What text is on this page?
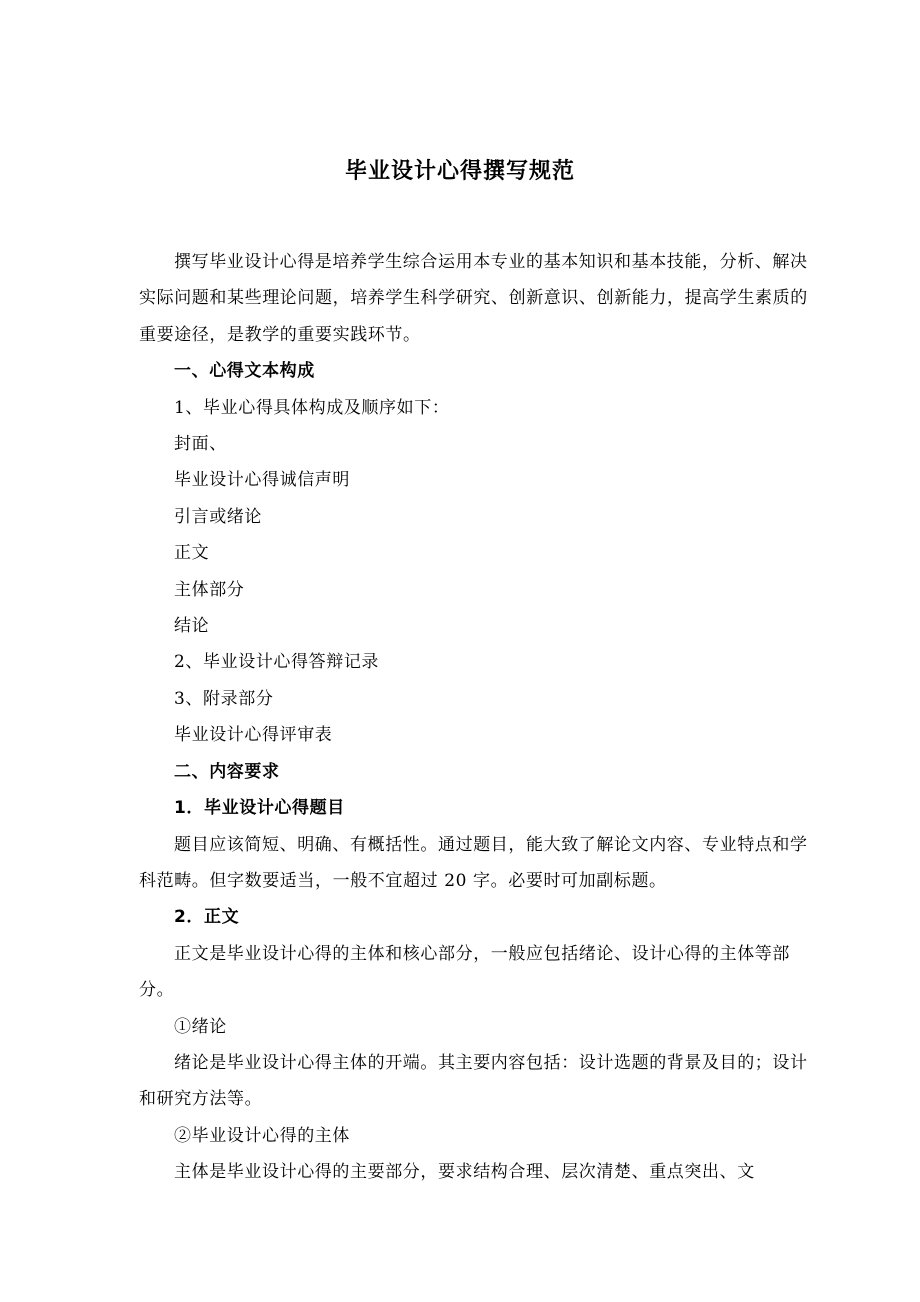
毕业设计心得撰写规范

撰写毕业设计心得是培养学生综合运用本专业的基本知识和基本技能，分析、解决实际问题和某些理论问题，培养学生科学研究、创新意识、创新能力，提高学生素质的重要途径，是教学的重要实践环节。

一、心得文本构成

1、毕业心得具体构成及顺序如下：

封面、

毕业设计心得诚信声明

引言或绪论

正文

主体部分

结论

2、毕业设计心得答辩记录

3、附录部分

毕业设计心得评审表

二、内容要求

1．毕业设计心得题目

题目应该简短、明确、有概括性。通过题目，能大致了解论文内容、专业特点和学科范畴。但字数要适当，一般不宜超过 20 字。必要时可加副标题。

2．正文

正文是毕业设计心得的主体和核心部分，一般应包括绪论、设计心得的主体等部分。

①绪论

绪论是毕业设计心得主体的开端。其主要内容包括：设计选题的背景及目的；设计和研究方法等。

②毕业设计心得的主体

主体是毕业设计心得的主要部分，要求结构合理、层次清楚、重点突出、文
